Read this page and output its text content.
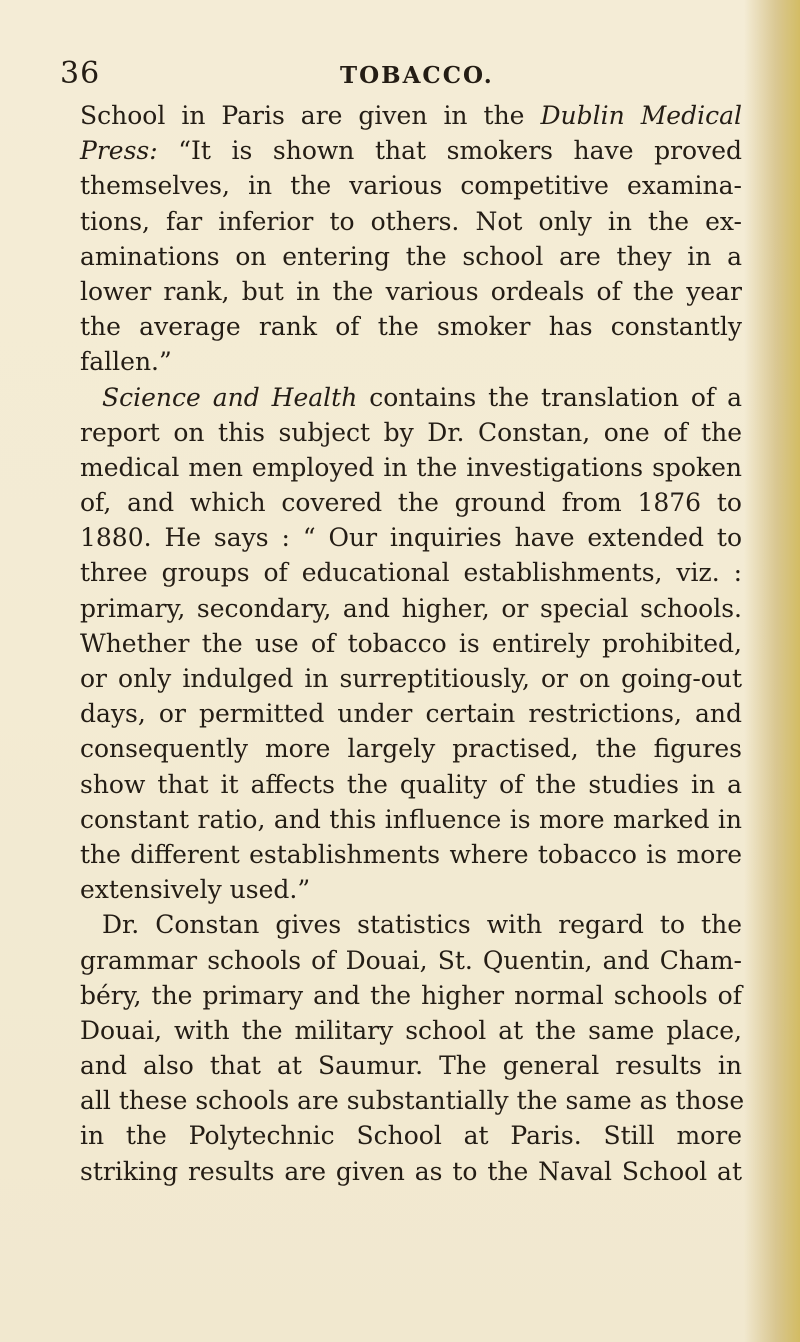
36	TOBACCO.
School in Paris are given in the Dublin Medical
Press: “It is shown that smokers have proved
themselves, in the various competitive examina-
tions, far inferior to others. Not only in the ex-
aminations on entering the school are they in a
lower rank, but in the various ordeals of the year
the average rank of the smoker has constantly
fallen.”
Science and Health contains the translation of a
report on this subject by Dr. Constan, one of the
medical men employed in the investigations spoken
of, and which covered the ground from 1876 to
1880. He says : “ Our inquiries have extended to
three groups of educational establishments, viz. :
primary, secondary, and higher, or special schools.
Whether the use of tobacco is entirely prohibited,
or only indulged in surreptitiously, or on going-out
days, or permitted under certain restrictions, and
consequently more largely practised, the figures
show that it affects the quality of the studies in a
constant ratio, and this influence is more marked in
the different establishments where tobacco is more
extensively used.”
Dr. Constan gives statistics with regard to the
grammar schools of Douai, St. Quentin, and Cham-
béry, the primary and the higher normal schools of
Douai, with the military school at the same place,
and also that at Saumur. The general results in
all these schools are substantially the same as those
in the Polytechnic School at Paris. Still more
striking results are given as to the Naval School at
